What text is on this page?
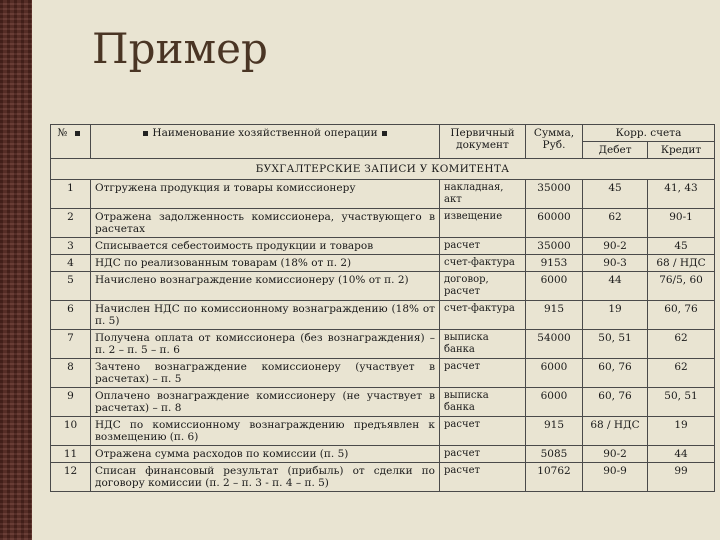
Пример
№	Наименование хозяйственной операции	Первичный документ	Сумма, Руб.	Корр. счета	
				Дебет	Кредит
БУХГАЛТЕРСКИЕ ЗАПИСИ У КОМИТЕНТА					
1	Отгружена продукция и товары комиссионеру	накладная, акт	35000	45	41, 43
2	Отражена задолженность комиссионера, участвующего в расчетах	извещение	60000	62	90-1
3	Списывается себестоимость продукции и товаров	расчет	35000	90-2	45
4	НДС по реализованным товарам (18% от п. 2)	счет-фактура	9153	90-3	68 / НДС
5	Начислено вознаграждение комиссионеру (10% от п. 2)	договор, расчет	6000	44	76/5, 60
6	Начислен НДС по комиссионному вознаграждению (18% от п. 5)	счет-фактура	915	19	60, 76
7	Получена оплата от комиссионера (без вознаграждения) – п. 2 – п. 5 – п. 6	выписка банка	54000	50, 51	62
8	Зачтено вознаграждение комиссионеру (участвует в расчетах) – п. 5	расчет	6000	60, 76	62
9	Оплачено вознаграждение комиссионеру (не участвует в расчетах) – п. 8	выписка банка	6000	60, 76	50, 51
10	НДС по комиссионному вознаграждению предъявлен к возмещению (п. 6)	расчет	915	68 / НДС	19
11	Отражена сумма расходов по комиссии (п. 5)	расчет	5085	90-2	44
12	Списан финансовый результат (прибыль) от сделки по договору комиссии (п. 2 – п. 3 - п. 4 – п. 5)	расчет	10762	90-9	99
